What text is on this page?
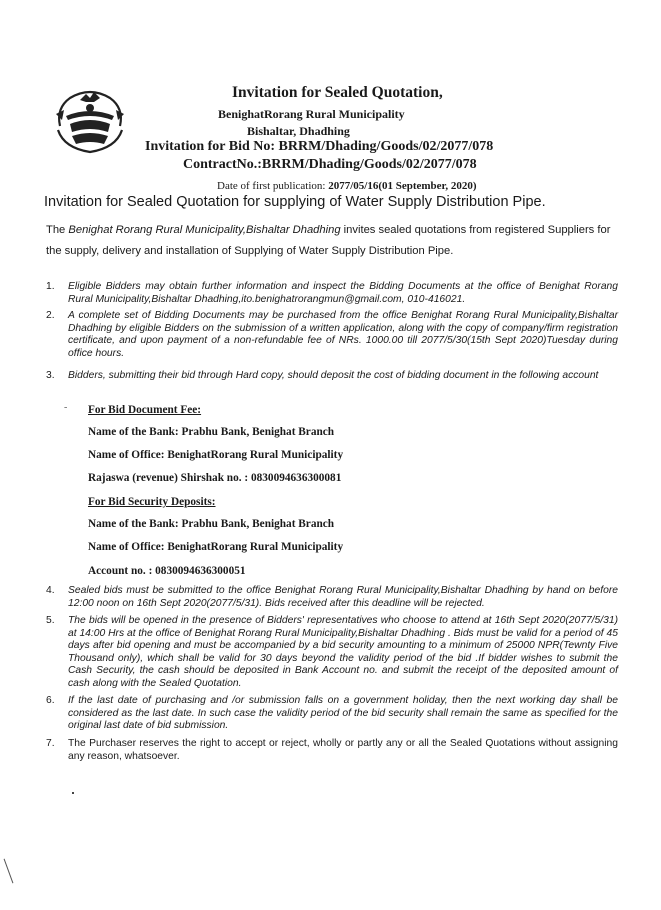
Invitation for Sealed Quotation,
BenighatRorang Rural Municipality
Bishaltar, Dhadhing
Invitation for Bid No: BRRM/Dhading/Goods/02/2077/078
ContractNo.:BRRM/Dhading/Goods/02/2077/078
Date of first publication: 2077/05/16(01 September, 2020)
Invitation for Sealed Quotation for supplying of Water Supply Distribution Pipe.
The Benighat Rorang Rural Municipality,Bishaltar Dhadhing invites sealed quotations from registered Suppliers for the supply, delivery and installation of Supplying of Water Supply Distribution Pipe.
1. Eligible Bidders may obtain further information and inspect the Bidding Documents at the office of Benighat Rorang Rural Municipality,Bishaltar Dhadhing,ito.benighatrorangmun@gmail.com, 010-416021.
2. A complete set of Bidding Documents may be purchased from the office Benighat Rorang Rural Municipality,Bishaltar Dhadhing by eligible Bidders on the submission of a written application, along with the copy of company/firm registration certificate, and upon payment of a non-refundable fee of NRs. 1000.00 till 2077/5/30(15th Sept 2020)Tuesday during office hours.
3. Bidders, submitting their bid through Hard copy, should deposit the cost of bidding document in the following account
- For Bid Document Fee:
Name of the Bank: Prabhu Bank, Benighat Branch
Name of Office: BenighatRorang Rural Municipality
Rajaswa (revenue) Shirshak no. : 0830094636300081
For Bid Security Deposits:
Name of the Bank: Prabhu Bank, Benighat Branch
Name of Office: BenighatRorang Rural Municipality
Account no. : 0830094636300051
4. Sealed bids must be submitted to the office Benighat Rorang Rural Municipality,Bishaltar Dhadhing by hand on before 12:00 noon on 16th Sept 2020(2077/5/31). Bids received after this deadline will be rejected.
5. The bids will be opened in the presence of Bidders' representatives who choose to attend at 16th Sept 2020(2077/5/31) at 14:00 Hrs at the office of Benighat Rorang Rural Municipality,Bishaltar Dhadhing . Bids must be valid for a period of 45 days after bid opening and must be accompanied by a bid security amounting to a minimum of 25000 NPR(Tewnty Five Thousand only), which shall be valid for 30 days beyond the validity period of the bid .If bidder wishes to submit the Cash Security, the cash should be deposited in Bank Account no. and submit the receipt of the deposited amount of cash along with the Sealed Quotation.
6. If the last date of purchasing and /or submission falls on a government holiday, then the next working day shall be considered as the last date. In such case the validity period of the bid security shall remain the same as specified for the original last date of bid submission.
7. The Purchaser reserves the right to accept or reject, wholly or partly any or all the Sealed Quotations without assigning any reason, whatsoever.
